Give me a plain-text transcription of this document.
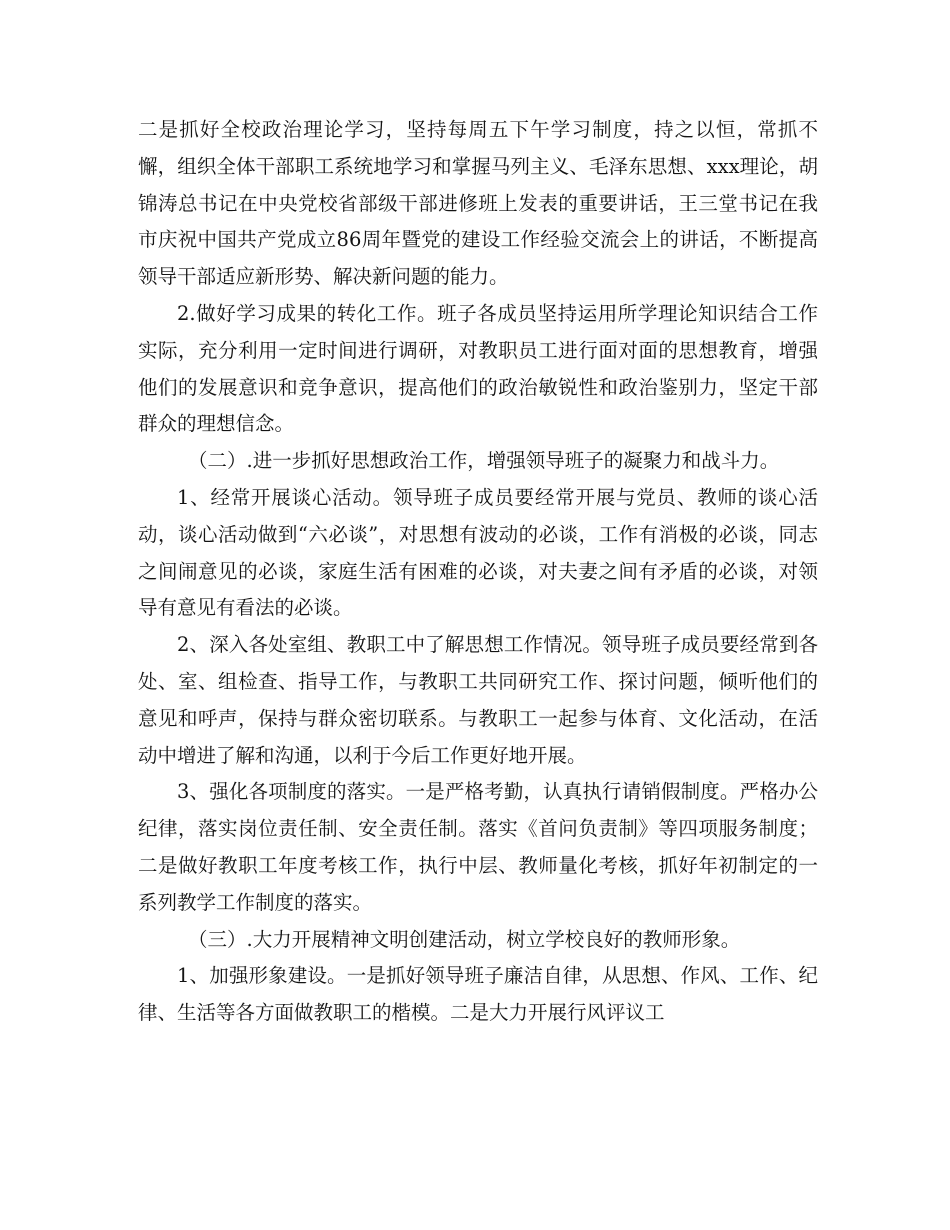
二是抓好全校政治理论学习，坚持每周五下午学习制度，持之以恒，常抓不懈，组织全体干部职工系统地学习和掌握马列主义、毛泽东思想、xxx理论，胡锦涛总书记在中央党校省部级干部进修班上发表的重要讲话，王三堂书记在我市庆祝中国共产党成立86周年暨党的建设工作经验交流会上的讲话，不断提高领导干部适应新形势、解决新问题的能力。

2.做好学习成果的转化工作。班子各成员坚持运用所学理论知识结合工作实际，充分利用一定时间进行调研，对教职员工进行面对面的思想教育，增强他们的发展意识和竞争意识，提高他们的政治敏锐性和政治鉴别力，坚定干部群众的理想信念。

（二）.进一步抓好思想政治工作，增强领导班子的凝聚力和战斗力。

1、经常开展谈心活动。领导班子成员要经常开展与党员、教师的谈心活动，谈心活动做到“六必谈”，对思想有波动的必谈，工作有消极的必谈，同志之间闹意见的必谈，家庭生活有困难的必谈，对夫妻之间有矛盾的必谈，对领导有意见有看法的必谈。

2、深入各处室组、教职工中了解思想工作情况。领导班子成员要经常到各处、室、组检查、指导工作，与教职工共同研究工作、探讨问题，倾听他们的意见和呼声，保持与群众密切联系。与教职工一起参与体育、文化活动，在活动中增进了解和沟通，以利于今后工作更好地开展。

3、强化各项制度的落实。一是严格考勤，认真执行请销假制度。严格办公纪律，落实岗位责任制、安全责任制。落实《首问负责制》等四项服务制度；二是做好教职工年度考核工作，执行中层、教师量化考核，抓好年初制定的一系列教学工作制度的落实。

（三）.大力开展精神文明创建活动，树立学校良好的教师形象。

1、加强形象建设。一是抓好领导班子廉洁自律，从思想、作风、工作、纪律、生活等各方面做教职工的楷模。二是大力开展行风评议工
